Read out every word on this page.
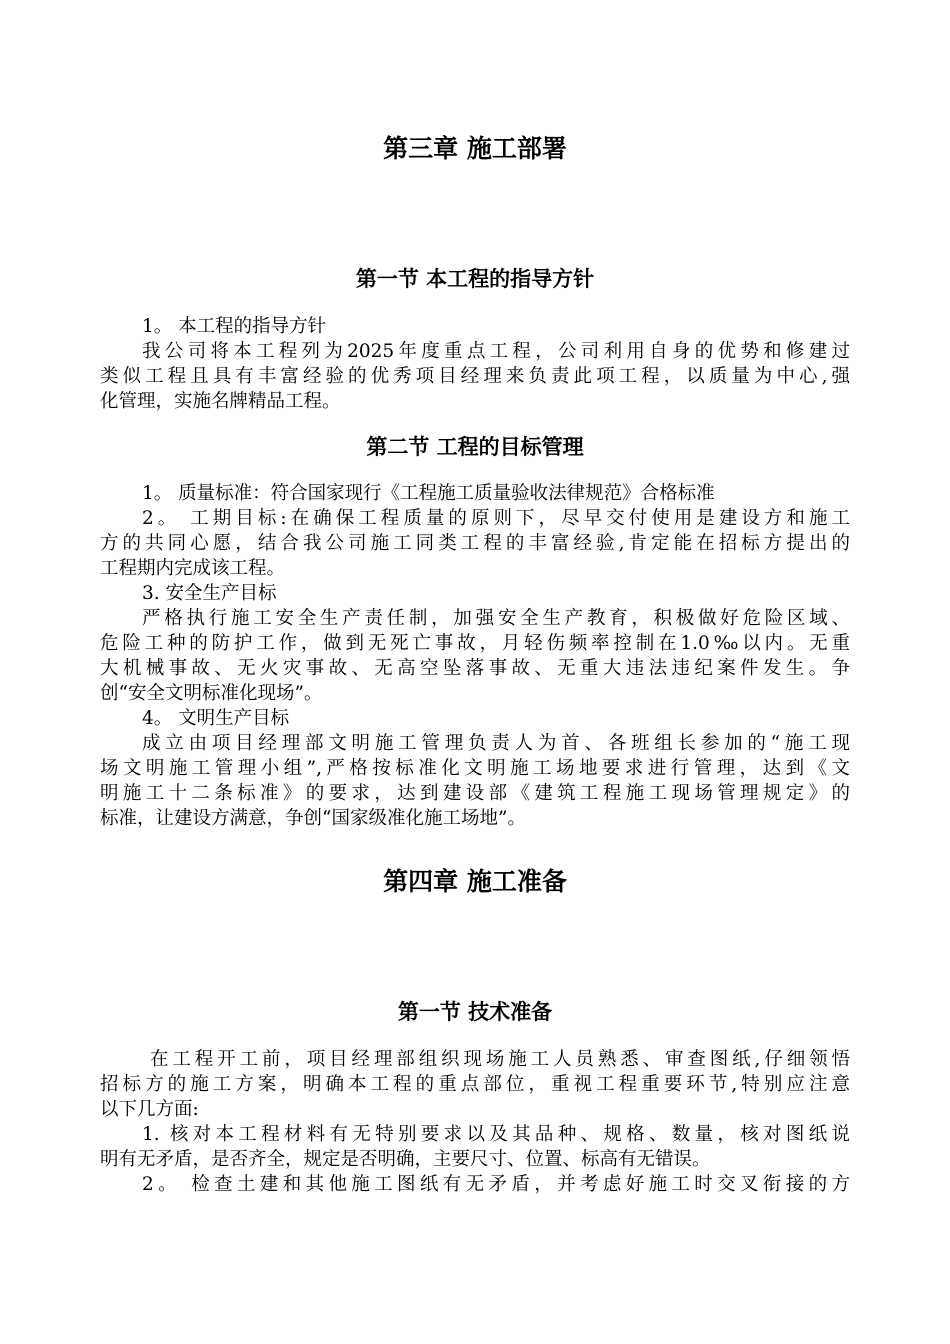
第三章 施工部署
第一节 本工程的指导方针

1。 本工程的指导方针

我公司将本工程列为2025年度重点工程，公司利用自身的优势和修建过

类似工程且具有丰富经验的优秀项目经理来负责此项工程，以质量为中心,强

化管理，实施名牌精品工程。

第二节 工程的目标管理

1。 质量标准：符合国家现行《工程施工质量验收法律规范》合格标准

2。 工期目标:在确保工程质量的原则下，尽早交付使用是建设方和施工

方的共同心愿，结合我公司施工同类工程的丰富经验,肯定能在招标方提出的

工程期内完成该工程。

3. 安全生产目标

严格执行施工安全生产责任制，加强安全生产教育，积极做好危险区域、

危险工种的防护工作，做到无死亡事故，月轻伤频率控制在1.0‰以内。无重

大机械事故、无火灾事故、无高空坠落事故、无重大违法违纪案件发生。争

创“安全文明标准化现场”。

4。 文明生产目标

成立由项目经理部文明施工管理负责人为首、各班组长参加的“施工现

场文明施工管理小组”,严格按标准化文明施工场地要求进行管理，达到《文

明施工十二条标准》的要求，达到建设部《建筑工程施工现场管理规定》的

标准，让建设方满意，争创“国家级准化施工场地”。

第四章 施工准备
第一节 技术准备

在工程开工前，项目经理部组织现场施工人员熟悉、审查图纸,仔细领悟

招标方的施工方案，明确本工程的重点部位，重视工程重要环节,特别应注意

以下几方面:

1. 核对本工程材料有无特别要求以及其品种、规格、数量，核对图纸说

明有无矛盾，是否齐全，规定是否明确，主要尺寸、位置、标高有无错误。

2。 检查土建和其他施工图纸有无矛盾，并考虑好施工时交叉衔接的方
